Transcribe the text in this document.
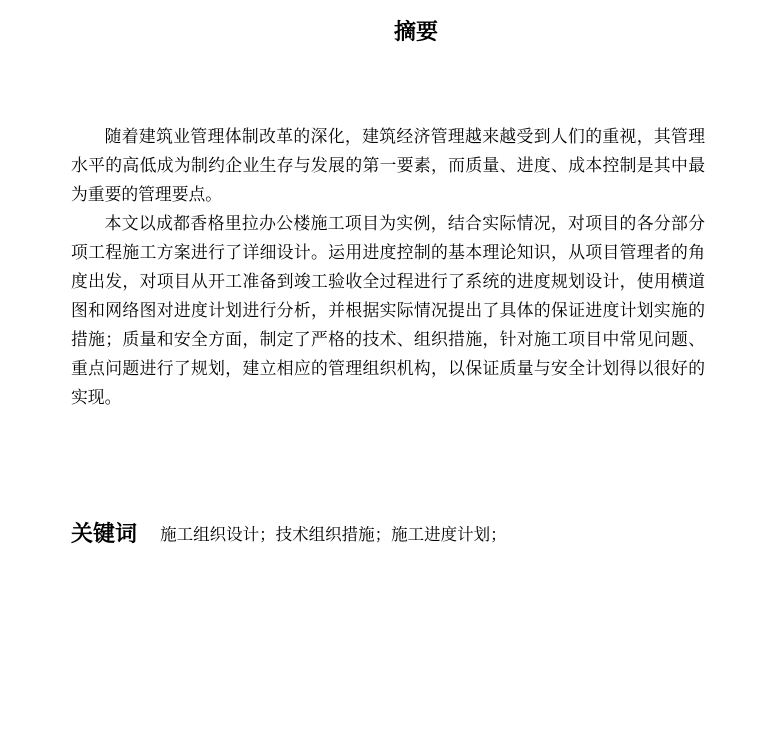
摘要

随着建筑业管理体制改革的深化，建筑经济管理越来越受到人们的重视，其管理水平的高低成为制约企业生存与发展的第一要素，而质量、进度、成本控制是其中最为重要的管理要点。

本文以成都香格里拉办公楼施工项目为实例，结合实际情况，对项目的各分部分项工程施工方案进行了详细设计。运用进度控制的基本理论知识，从项目管理者的角度出发，对项目从开工准备到竣工验收全过程进行了系统的进度规划设计，使用横道图和网络图对进度计划进行分析，并根据实际情况提出了具体的保证进度计划实施的措施；质量和安全方面，制定了严格的技术、组织措施，针对施工项目中常见问题、重点问题进行了规划，建立相应的管理组织机构，以保证质量与安全计划得以很好的实现。

关键词 施工组织设计；技术组织措施；施工进度计划；
